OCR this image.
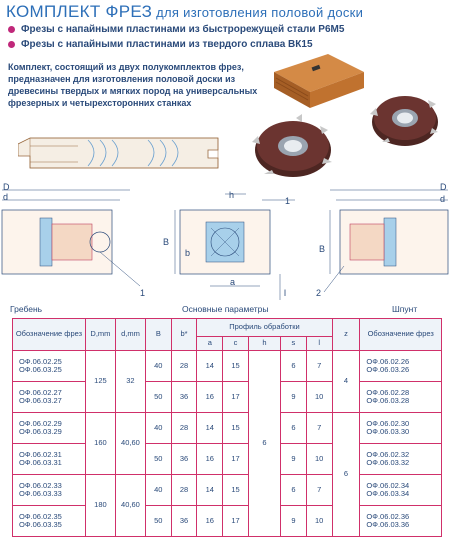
КОМПЛЕКТ ФРЕЗ для изготовления половой доски
Фрезы с напайными пластинами из быстрорежущей стали Р6М5
Фрезы с напайными пластинами из твердого сплава ВК15
Комплект, состоящий из двух полукомплектов фрез, предназначен для изготовления половой доски из древесины твердых и мягких пород на универсальных фрезерных и четырехсторонних станках
D
d
1
B
b
h
1
a
l
B
D
d
2
Гребень	Основные параметры	Шпунт
Обозначение фрез	D,mm	d,mm	B	b*	Профиль обработки					z	Обозначение фрез
					a	c	h	s	l		
ОФ.06.02.25
ОФ.06.03.25	125	32	40	28	14	15	6	6	7	4	ОФ.06.02.26
ОФ.06.03.26
ОФ.06.02.27
ОФ.06.03.27			50	36	16	17		9	10		ОФ.06.02.28
ОФ.06.03.28
ОФ.06.02.29
ОФ.06.03.29	160	40,60	40	28	14	15		6	7	6	ОФ.06.02.30
ОФ.06.03.30
ОФ.06.02.31
ОФ.06.03.31			50	36	16	17		9	10		ОФ.06.02.32
ОФ.06.03.32
ОФ.06.02.33
ОФ.06.03.33	180	40,60	40	28	14	15		6	7		ОФ.06.02.34
ОФ.06.03.34
ОФ.06.02.35
ОФ.06.03.35			50	36	16	17		9	10		ОФ.06.02.36
ОФ.06.03.36
